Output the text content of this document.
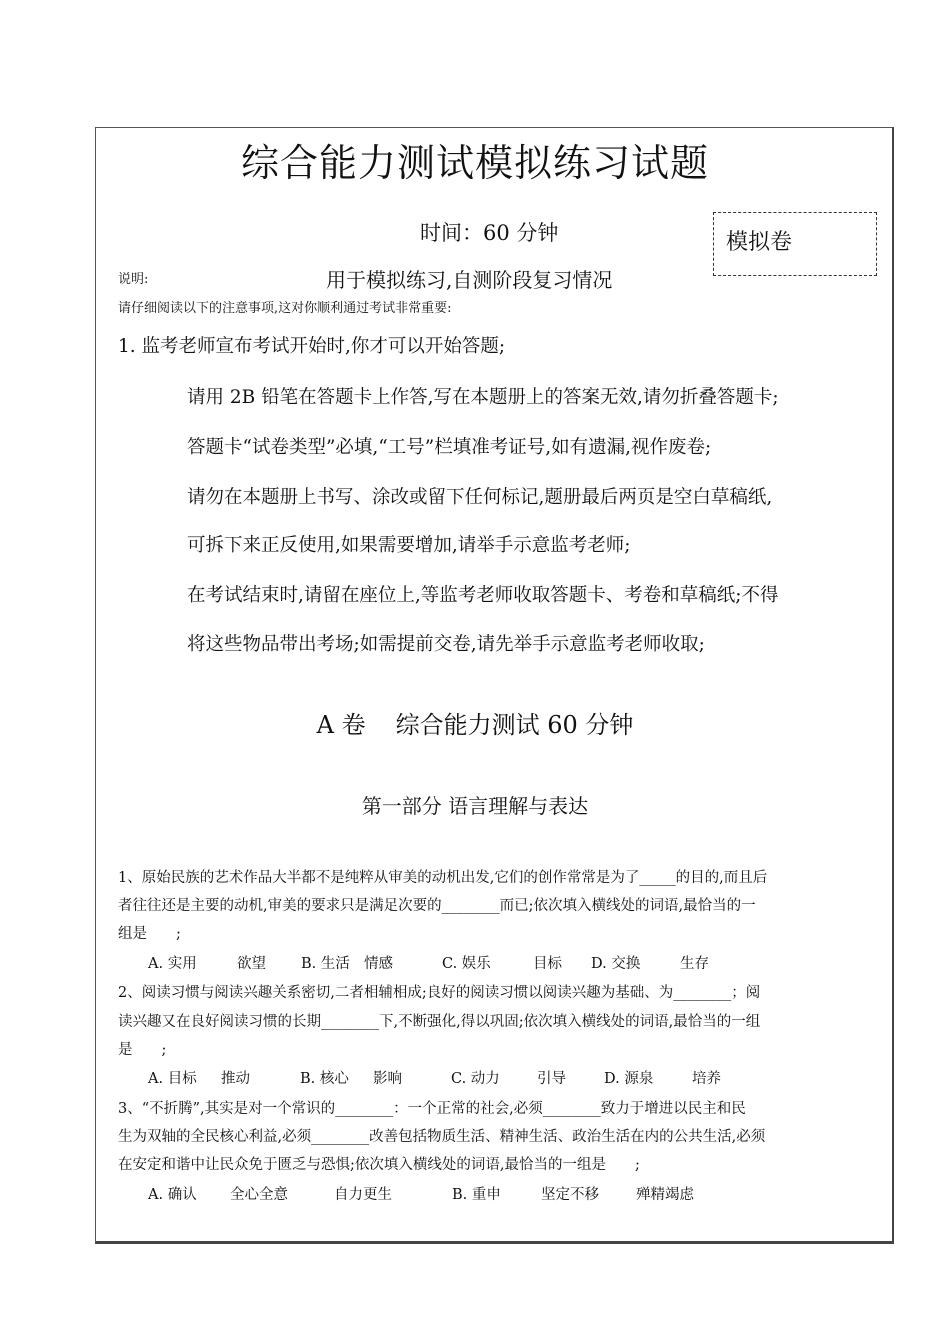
综合能力测试模拟练习试题
时间：60 分钟	模拟卷
说明:	用于模拟练习,自测阶段复习情况
请仔细阅读以下的注意事项,这对你顺利通过考试非常重要:
1. 监考老师宣布考试开始时,你才可以开始答题;
请用 2B 铅笔在答题卡上作答,写在本题册上的答案无效,请勿折叠答题卡;
答题卡“试卷类型”必填,“工号”栏填准考证号,如有遗漏,视作废卷;
请勿在本题册上书写、涂改或留下任何标记,题册最后两页是空白草稿纸,
可拆下来正反使用,如果需要增加,请举手示意监考老师;
在考试结束时,请留在座位上,等监考老师收取答题卡、考卷和草稿纸;不得
将这些物品带出考场;如需提前交卷,请先举手示意监考老师收取;
A 卷 综合能力测试 60 分钟
第一部分 语言理解与表达
1、原始民族的艺术作品大半都不是纯粹从审美的动机出发,它们的创作常常是为了_____的目的,而且后
者往往还是主要的动机,审美的要求只是满足次要的________而已;依次填入横线处的词语,最恰当的一
组是　　;
A. 实用	欲望 B. 生活 情感	C. 娱乐	目标 D. 交换	生存
2、阅读习惯与阅读兴趣关系密切,二者相辅相成;良好的阅读习惯以阅读兴趣为基础、为________；阅
读兴趣又在良好阅读习惯的长期________下,不断强化,得以巩固;依次填入横线处的词语,最恰当的一组
是　　;
A. 目标 推动	B. 核心 影响	C. 动力	引导	D. 源泉	培养
3、“不折腾”,其实是对一个常识的________：一个正常的社会,必须________致力于增进以民主和民
生为双轴的全民核心利益,必须________改善包括物质生活、精神生活、政治生活在内的公共生活,必须
在安定和谐中让民众免于匮乏与恐惧;依次填入横线处的词语,最恰当的一组是　　;
A. 确认 全心全意	自力更生	B. 重申	坚定不移	殚精竭虑
